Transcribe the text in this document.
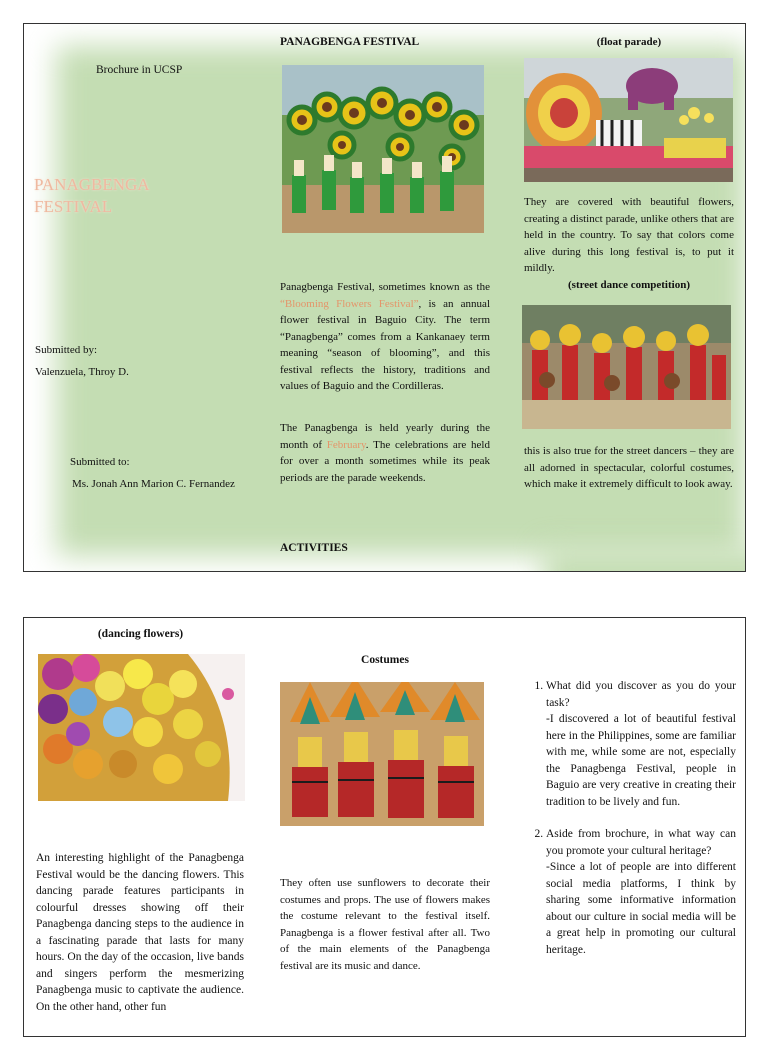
Brochure in UCSP
PANAGBENGA
FESTIVAL
Submitted by:
Valenzuela, Throy D.
Submitted to:
Ms. Jonah Ann Marion C. Fernandez
PANAGBENGA FESTIVAL
Panagbenga Festival, sometimes known as the “Blooming Flowers Festival”, is an annual flower festival in Baguio City. The term “Panagbenga” comes from a Kankanaey term meaning “season of blooming”, and this festival reflects the history, traditions and values of Baguio and the Cordilleras.
The Panagbenga is held yearly during the month of February. The celebrations are held for over a month sometimes while its peak periods are the parade weekends.
ACTIVITIES
(float parade)
They are covered with beautiful flowers, creating a distinct parade, unlike others that are held in the country. To say that colors come alive during this long festival is, to put it mildly.
(street dance competition)
this is also true for the street dancers – they are all adorned in spectacular, colorful costumes, which make it extremely difficult to look away.
(dancing flowers)
An interesting highlight of the Panagbenga Festival would be the dancing flowers. This dancing parade features participants in colourful dresses showing off their Panagbenga dancing steps to the audience in a fascinating parade that lasts for many hours. On the day of the occasion, live bands and singers perform the mesmerizing Panagbenga music to captivate the audience. On the other hand, other fun
Costumes
They often use sunflowers to decorate their costumes and props. The use of flowers makes the costume relevant to the festival itself. Panagbenga is a flower festival after all. Two of the main elements of the Panagbenga festival are its music and dance.
1. What did you discover as you do your task?
-I discovered a lot of beautiful festival here in the Philippines, some are familiar with me, while some are not, especially the Panagbenga Festival, people in Baguio are very creative in creating their tradition to be lively and fun.
2. Aside from brochure, in what way can you promote your cultural heritage?
-Since a lot of people are into different social media platforms, I think by sharing some informative information about our culture in social media will be a great help in promoting our cultural heritage.
